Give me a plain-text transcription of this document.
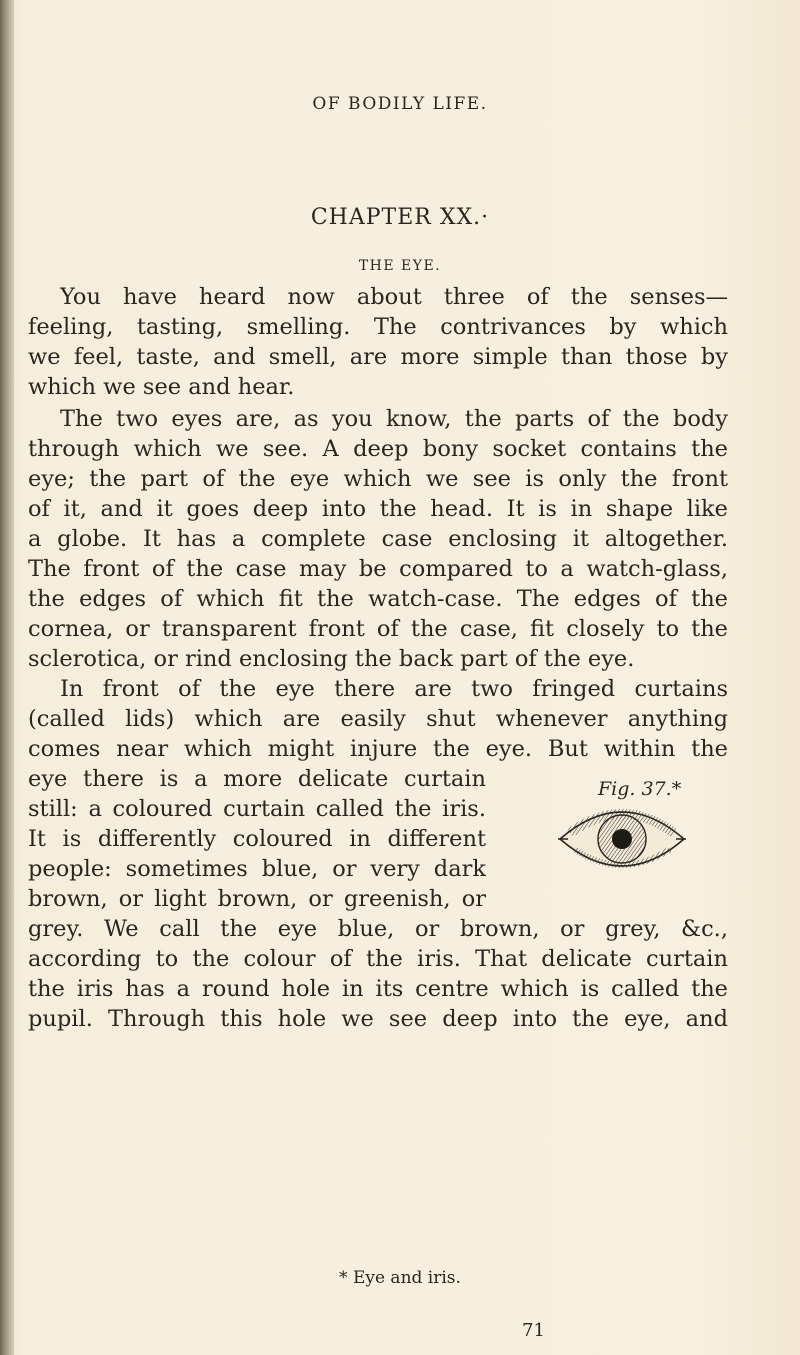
OF BODILY LIFE.
CHAPTER XX.·
THE EYE.
You have heard now about three of the senses—
feeling, tasting, smelling. The contrivances by which
we feel, taste, and smell, are more simple than those by
which we see and hear.
The two eyes are, as you know, the parts of the body
through which we see. A deep bony socket contains the
eye; the part of the eye which we see is only the front
of it, and it goes deep into the head. It is in shape like
a globe. It has a complete case enclosing it altogether.
The front of the case may be compared to a watch-glass,
the edges of which fit the watch-case. The edges of the
cornea, or transparent front of the case, fit closely to the
sclerotica, or rind enclosing the back part of the eye.
In front of the eye there are two fringed curtains
(called lids) which are easily shut whenever anything
comes near which might injure the eye. But within the
eye there is a more delicate curtain
still: a coloured curtain called the iris.
It is differently coloured in different
people: sometimes blue, or very dark
brown, or light brown, or greenish, or
grey. We call the eye blue, or brown, or grey, &c.,
according to the colour of the iris. That delicate curtain
the iris has a round hole in its centre which is called the
pupil. Through this hole we see deep into the eye, and
Fig. 37.*
* Eye and iris.
71
